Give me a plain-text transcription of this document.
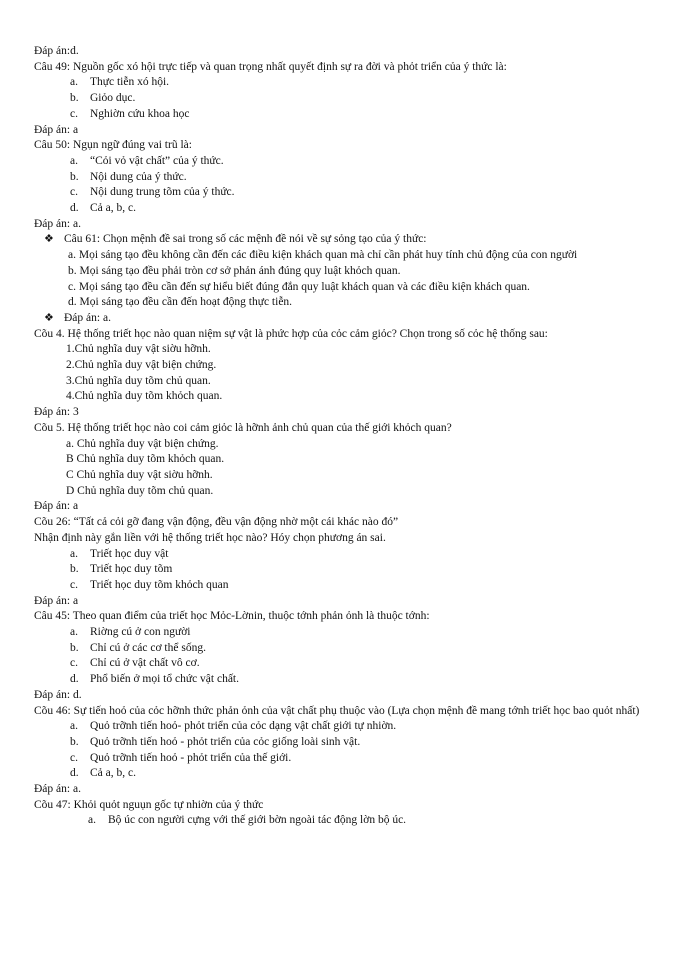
Đáp án:d.
Câu 49: Nguồn gốc xó hội trực tiếp và quan trọng nhất quyết định sự ra đời và phỏt triển của ý thức là:
a. Thực tiễn xó hội.
b. Giỏo dục.
c. Nghiờn cứu khoa học
Đáp án: a
Câu 50: Ngụn ngữ đúng vai trũ là:
a. “Cỏi vỏ vật chất” của ý thức.
b. Nội dung của ý thức.
c. Nội dung trung tõm của ý thức.
d. Cả a, b, c.
Đáp án: a.
❖ Câu 61: Chọn mệnh đề sai trong số các mệnh đề nói về sự sỏng tạo của ý thức:
a. Mọi sáng tạo đều không cần đến các điều kiện khách quan mà chỉ cần phát huy tính chủ động của con người
b. Mọi sáng tạo đều phải tròn cơ sở phản ánh đúng quy luật khỏch quan.
c. Mọi sáng tạo đều cần đến sự hiểu biết đúng đắn quy luật khách quan và các điều kiện khách quan.
d. Mọi sáng tạo đều cần đến hoạt động thực tiễn.
❖ Đáp án: a.
Cõu 4. Hệ thống triết học nào quan niệm sự vật là phức hợp của cỏc cảm giỏc? Chọn trong số cỏc hệ thống sau:
1.Chủ nghĩa duy vật siờu hỡnh.
2.Chủ nghĩa duy vật biện chứng.
3.Chủ nghĩa duy tõm chủ quan.
4.Chủ nghĩa duy tõm khỏch quan.
Đáp án: 3
Cõu 5. Hệ thống triết học nào coi cảm giỏc là hỡnh ảnh chủ quan của thế giới khỏch quan?
a. Chủ nghĩa duy vật biện chứng.
B Chủ nghĩa duy tõm khỏch quan.
C Chủ nghĩa duy vật siờu hỡnh.
D Chủ nghĩa duy tõm chủ quan.
Đáp án: a
Cõu 26: “Tất cả cỏi gỡ đang vận động, đều vận động nhờ một cái khác nào đó”
Nhận định này gắn liền với hệ thống triết học nào? Hóy chọn phương án sai.
a. Triết học duy vật
b. Triết học duy tõm
c. Triết học duy tõm khỏch quan
Đáp án: a
Câu 45: Theo quan điểm của triết học Mỏc-Lờnin, thuộc tớnh phản ỏnh là thuộc tớnh:
a. Riờng cú ở con người
b. Chỉ cú ở các cơ thể sống.
c. Chỉ cú ở vật chất vô cơ.
d. Phổ biến ở mọi tổ chức vật chất.
Đáp án: d.
Cõu 46: Sự tiến hoỏ của cỏc hỡnh thức phản ỏnh của vật chất phụ thuộc vào (Lựa chọn mệnh đề mang tớnh triết học bao quỏt nhất)
a. Quỏ trỡnh tiến hoỏ- phỏt triển của cỏc dạng vật chất giới tự nhiờn.
b. Quỏ trỡnh tiến hoỏ - phỏt triển của cỏc giống loài sinh vật.
c. Quỏ trỡnh tiến hoỏ - phỏt triển của thế giới.
d. Cả a, b, c.
Đáp án: a.
Cõu 47: Khỏi quỏt nguụn gốc tự nhiờn của ý thức
a. Bộ úc con người cựng với thế giới bờn ngoài tác động lờn bộ úc.
